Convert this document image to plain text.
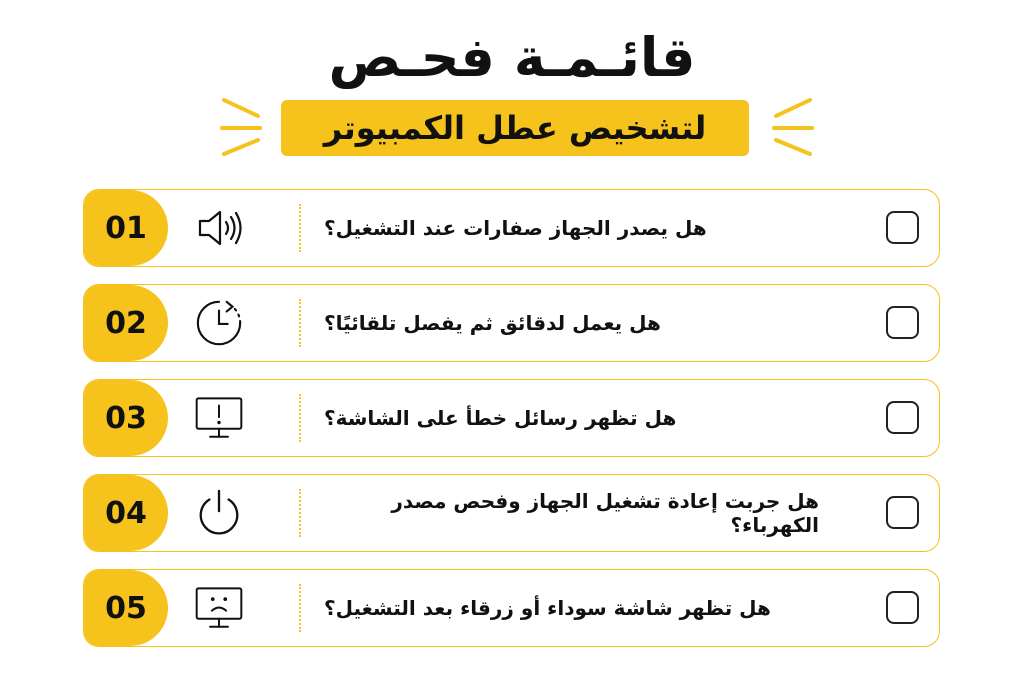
قائـمـة فحـص
لتشخيص عطل الكمبيوتر
01	هل يصدر الجهاز صفارات عند التشغيل؟
02	هل يعمل لدقائق ثم يفصل تلقائيًا؟
03	هل تظهر رسائل خطأ على الشاشة؟
04	هل جربت إعادة تشغيل الجهاز وفحص مصدر الكهرباء؟
05	هل تظهر شاشة سوداء أو زرقاء بعد التشغيل؟
